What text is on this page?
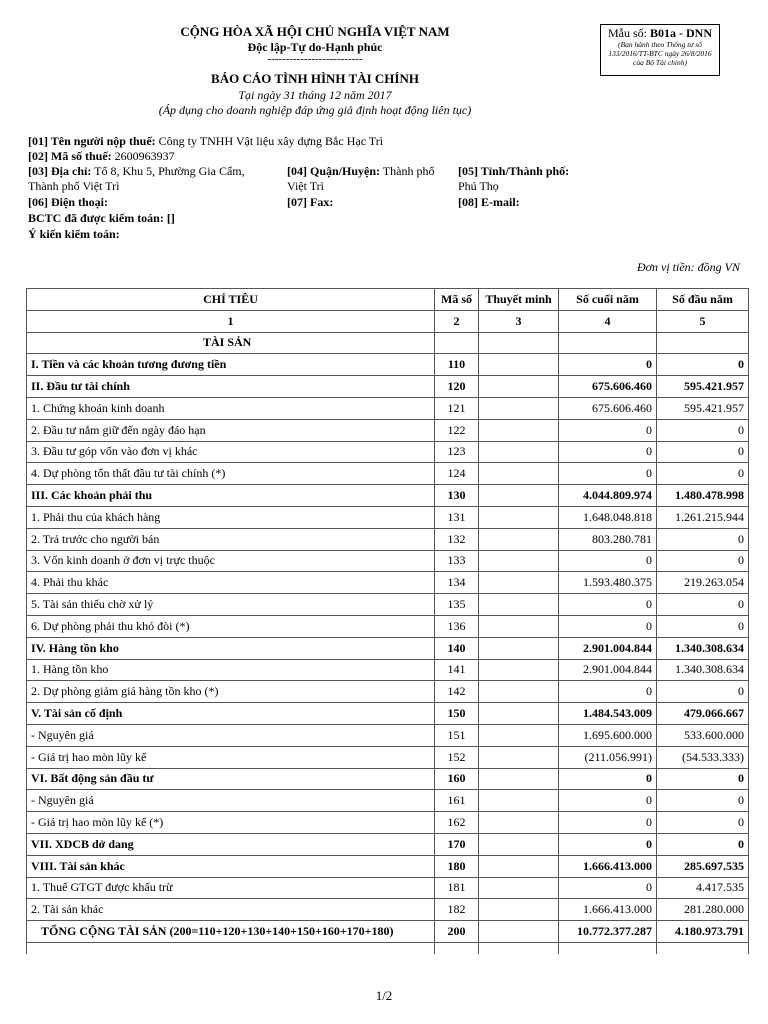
CỘNG HÒA XÃ HỘI CHỦ NGHĨA VIỆT NAM
Độc lập-Tự do-Hạnh phúc
--------------------------
BÁO CÁO TÌNH HÌNH TÀI CHÍNH
Tại ngày 31 tháng 12 năm 2017
(Áp dụng cho doanh nghiệp đáp ứng giả định hoạt động liên tục)
Mẫu số: B01a - DNN
(Ban hành theo Thông tư số 133/2016/TT-BTC ngày 26/8/2016 của Bộ Tài chính)
[01] Tên người nộp thuế: Công ty TNHH Vật liệu xây dựng Bắc Hạc Trì
[02] Mã số thuế: 2600963937
[03] Địa chỉ: Tổ 8, Khu 5, Phường Gia Cẩm, Thành phố Việt Trì
[04] Quận/Huyện: Thành phố Việt Trì
[05] Tỉnh/Thành phố:
Phú Thọ
[06] Điện thoại:	[07] Fax:	[08] E-mail:
BCTC đã được kiểm toán: []
Ý kiến kiểm toán:
Đơn vị tiền: đồng VN
CHỈ TIÊU	Mã số	Thuyết minh	Số cuối năm	Số đầu năm
1	2	3	4	5
TÀI SẢN				
I. Tiền và các khoản tương đương tiền	110		0	0
II. Đầu tư tài chính	120		675.606.460	595.421.957
1. Chứng khoán kinh doanh	121		675.606.460	595.421.957
2. Đầu tư nắm giữ đến ngày đáo hạn	122		0	0
3. Đầu tư góp vốn vào đơn vị khác	123		0	0
4. Dự phòng tổn thất đầu tư tài chính (*)	124		0	0
III. Các khoản phải thu	130		4.044.809.974	1.480.478.998
1. Phải thu của khách hàng	131		1.648.048.818	1.261.215.944
2. Trả trước cho người bán	132		803.280.781	0
3. Vốn kinh doanh ở đơn vị trực thuộc	133		0	0
4. Phải thu khác	134		1.593.480.375	219.263.054
5. Tài sản thiếu chờ xử lý	135		0	0
6. Dự phòng phải thu khó đòi (*)	136		0	0
IV. Hàng tồn kho	140		2.901.004.844	1.340.308.634
1. Hàng tồn kho	141		2.901.004.844	1.340.308.634
2. Dự phòng giảm giá hàng tồn kho (*)	142		0	0
V. Tài sản cố định	150		1.484.543.009	479.066.667
- Nguyên giá	151		1.695.600.000	533.600.000
- Giá trị hao mòn lũy kế	152		(211.056.991)	(54.533.333)
VI. Bất động sản đầu tư	160		0	0
- Nguyên giá	161		0	0
- Giá trị hao mòn lũy kế (*)	162		0	0
VII. XDCB dở dang	170		0	0
VIII. Tài sản khác	180		1.666.413.000	285.697.535
1. Thuế GTGT được khấu trừ	181		0	4.417.535
2. Tài sản khác	182		1.666.413.000	281.280.000
TỔNG CỘNG TÀI SẢN (200=110+120+130+140+150+160+170+180)	200		10.772.377.287	4.180.973.791

1/2
